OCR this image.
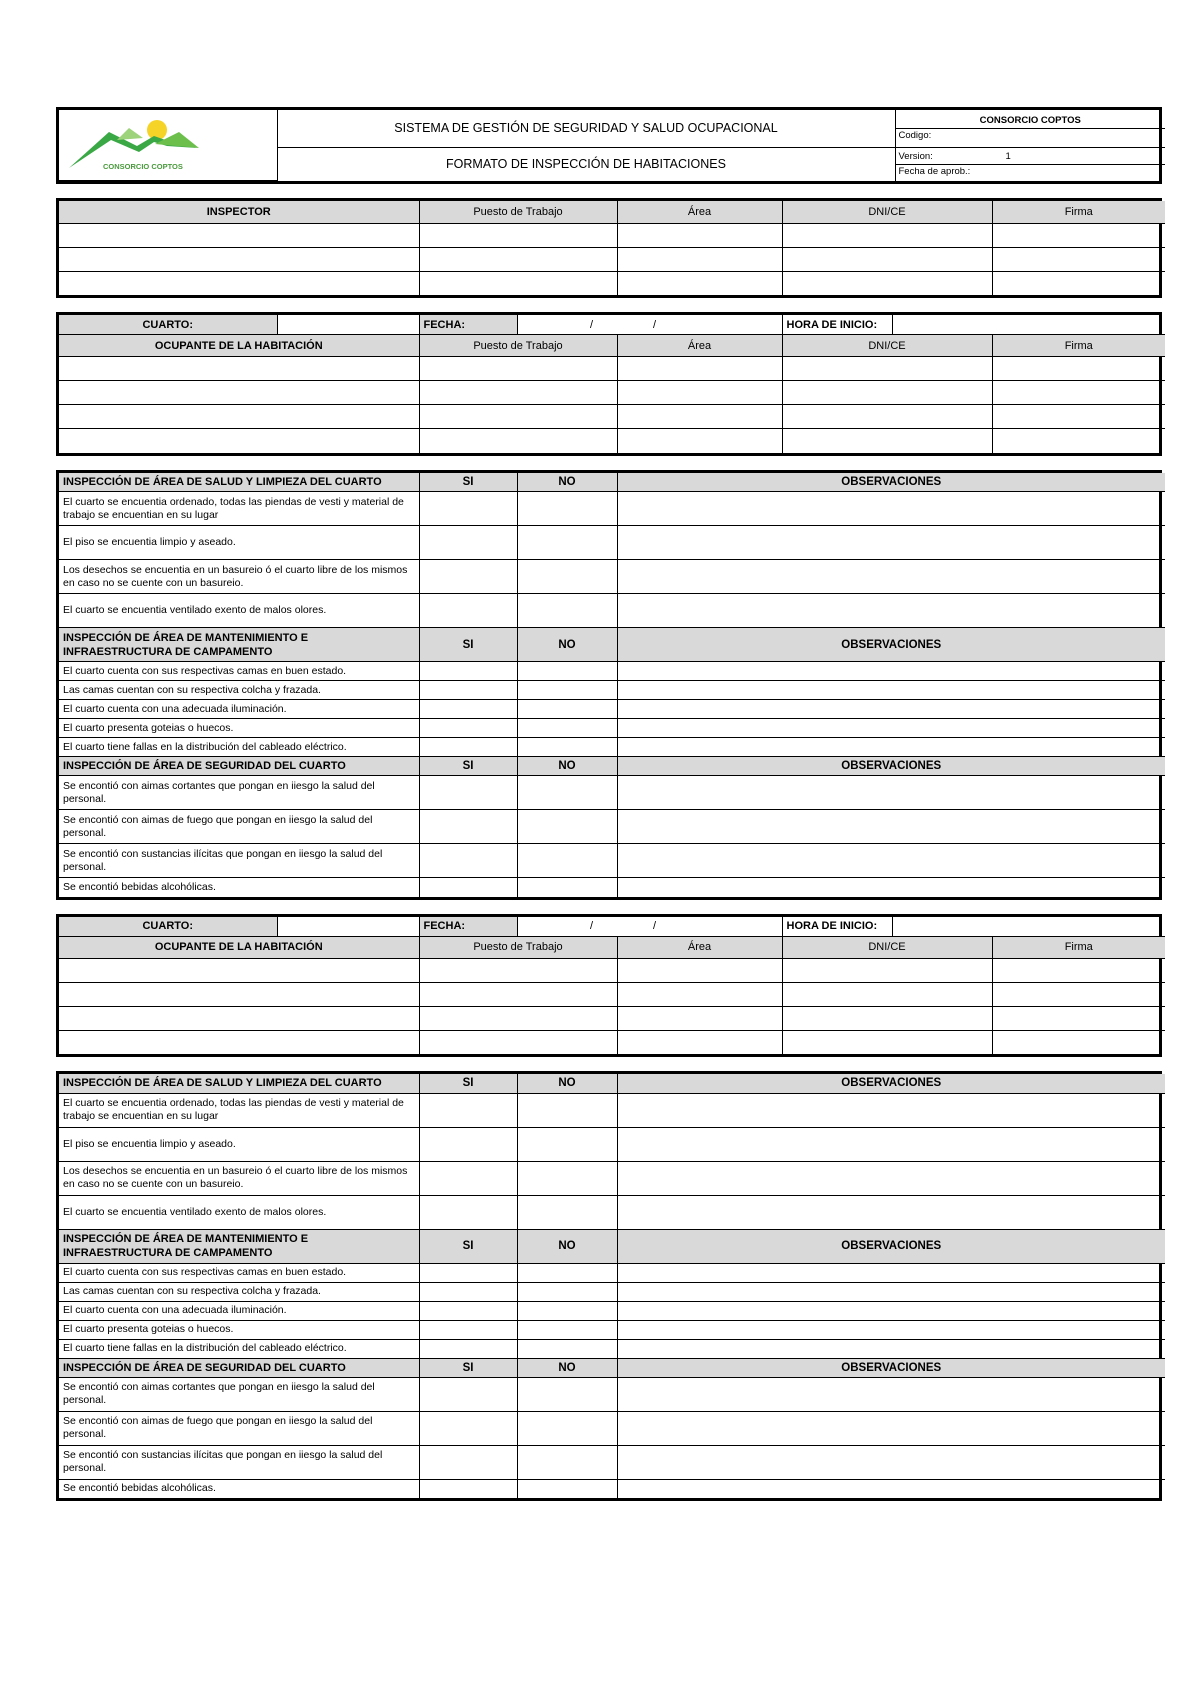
CONSORCIO COPTOS
	SISTEMA DE GESTIÓN DE SEGURIDAD Y SALUD OCUPACIONAL	
CONSORCIO COPTOS
Codigo:

FORMATO DE INSPECCIÓN DE HABITACIONES	
Version:	1
Fecha de aprob.:
INSPECTOR	Puesto de Trabajo	Área	DNI/CE	Firma

CUARTO:		FECHA:	/	/	HORA DE INICIO:	
OCUPANTE DE LA HABITACIÓN	Puesto de Trabajo	Área	DNI/CE	Firma

INSPECCIÓN DE ÁREA DE SALUD Y LIMPIEZA DEL CUARTO	SI	NO	OBSERVACIONES
El cuarto se encuentia ordenado, todas las piendas de vesti y material de trabajo se encuentian en su lugar			
El piso se encuentia limpio y aseado.			
Los desechos se encuentia en un basureio ó el cuarto libre de los mismos en caso no se cuente con un basureio.			
El cuarto se encuentia ventilado exento de malos olores.			
INSPECCIÓN DE ÁREA DE MANTENIMIENTO E INFRAESTRUCTURA DE CAMPAMENTO	SI	NO	OBSERVACIONES
El cuarto cuenta con sus respectivas camas en buen estado.			
Las camas cuentan con su respectiva colcha y frazada.			
El cuarto cuenta con una adecuada iluminación.			
El cuarto presenta goteias o huecos.			
El cuarto tiene fallas en la distribución del cableado eléctrico.			
INSPECCIÓN DE ÁREA DE SEGURIDAD DEL CUARTO	SI	NO	OBSERVACIONES
Se encontió con aimas cortantes que pongan en iiesgo la salud del personal.			
Se encontió con aimas de fuego que pongan en iiesgo la salud del personal.			
Se encontió con sustancias ilícitas que pongan en iiesgo la salud del personal.			
Se encontió bebidas alcohólicas.			
CUARTO:		FECHA:	/	/	HORA DE INICIO:	
OCUPANTE DE LA HABITACIÓN	Puesto de Trabajo	Área	DNI/CE	Firma

INSPECCIÓN DE ÁREA DE SALUD Y LIMPIEZA DEL CUARTO	SI	NO	OBSERVACIONES
El cuarto se encuentia ordenado, todas las piendas de vesti y material de trabajo se encuentian en su lugar			
El piso se encuentia limpio y aseado.			
Los desechos se encuentia en un basureio ó el cuarto libre de los mismos en caso no se cuente con un basureio.			
El cuarto se encuentia ventilado exento de malos olores.			
INSPECCIÓN DE ÁREA DE MANTENIMIENTO E INFRAESTRUCTURA DE CAMPAMENTO	SI	NO	OBSERVACIONES
El cuarto cuenta con sus respectivas camas en buen estado.			
Las camas cuentan con su respectiva colcha y frazada.			
El cuarto cuenta con una adecuada iluminación.			
El cuarto presenta goteias o huecos.			
El cuarto tiene fallas en la distribución del cableado eléctrico.			
INSPECCIÓN DE ÁREA DE SEGURIDAD DEL CUARTO	SI	NO	OBSERVACIONES
Se encontió con aimas cortantes que pongan en iiesgo la salud del personal.			
Se encontió con aimas de fuego que pongan en iiesgo la salud del personal.			
Se encontió con sustancias ilícitas que pongan en iiesgo la salud del personal.			
Se encontió bebidas alcohólicas.			
